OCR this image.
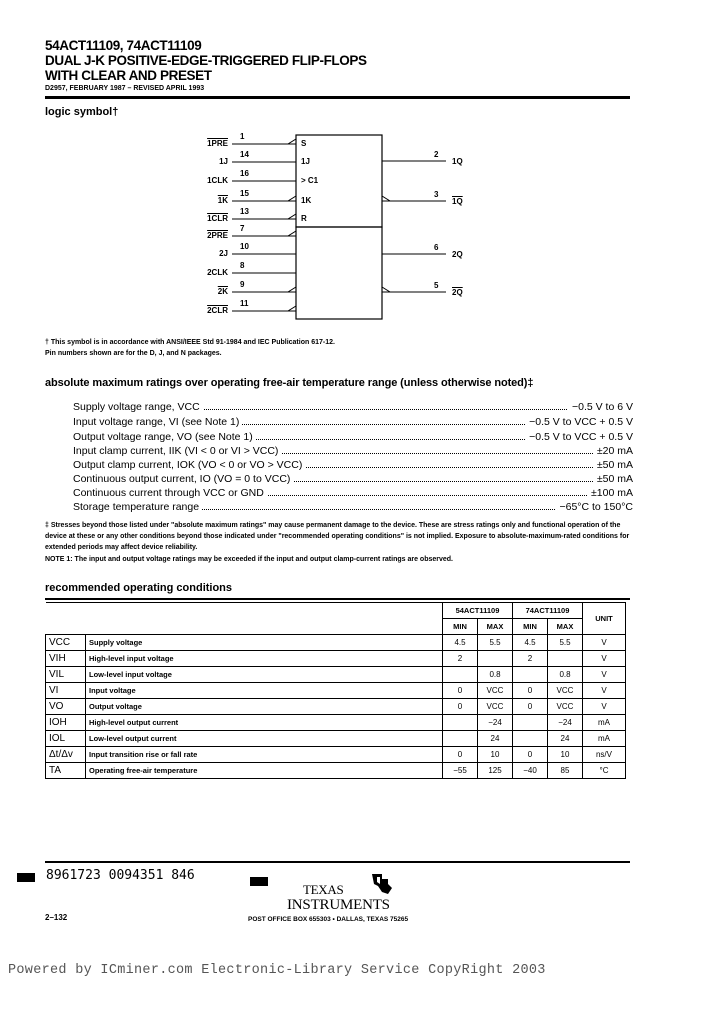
54ACT11109, 74ACT11109
DUAL J-K POSITIVE-EDGE-TRIGGERED FLIP-FLOPS
WITH CLEAR AND PRESET
D2957, FEBRUARY 1987 – REVISED APRIL 1993
logic symbol†
1PRE
1J
1CLK
1K
1CLR
2PRE
2J
2CLK
2K
2CLR
1
14
16
15
13
7
10
8
9
11
S
1J
> C1
1K
R
2
3
6
5
1Q
1Q
2Q
2Q
† This symbol is in accordance with ANSI/IEEE Std 91-1984 and IEC Publication 617-12.
Pin numbers shown are for the D, J, and N packages.
absolute maximum ratings over operating free-air temperature range (unless otherwise noted)‡
Supply voltage range, VCC	−0.5 V to 6 V
Input voltage range, VI (see Note 1)	−0.5 V to VCC + 0.5 V
Output voltage range, VO (see Note 1)	−0.5 V to VCC + 0.5 V
Input clamp current, IIK (VI < 0 or VI > VCC)	±20 mA
Output clamp current, IOK (VO < 0 or VO > VCC)	±50 mA
Continuous output current, IO (VO = 0 to VCC)	±50 mA
Continuous current through VCC or GND	±100 mA
Storage temperature range	−65°C to 150°C
‡ Stresses beyond those listed under "absolute maximum ratings" may cause permanent damage to the device. These are stress ratings only and functional operation of the device at these or any other conditions beyond those indicated under "recommended operating conditions" is not implied. Exposure to absolute-maximum-rated conditions for extended periods may affect device reliability.
NOTE 1: The input and output voltage ratings may be exceeded if the input and output clamp-current ratings are observed.
recommended operating conditions
		54ACT11109		74ACT11109		UNIT
		MIN	MAX	MIN	MAX	
VCC	Supply voltage	4.5	5.5	4.5	5.5	V
VIH	High-level input voltage	2		2		V
VIL	Low-level input voltage		0.8		0.8	V
VI	Input voltage	0	VCC	0	VCC	V
VO	Output voltage	0	VCC	0	VCC	V
IOH	High-level output current		−24		−24	mA
IOL	Low-level output current		24		24	mA
Δt/Δv	Input transition rise or fall rate	0	10	0	10	ns/V
TA	Operating free-air temperature	−55	125	−40	85	°C
8961723 0094351 846
TEXAS
INSTRUMENTS
POST OFFICE BOX 655303 • DALLAS, TEXAS 75265
2–132
Powered by ICminer.com Electronic-Library Service CopyRight 2003
